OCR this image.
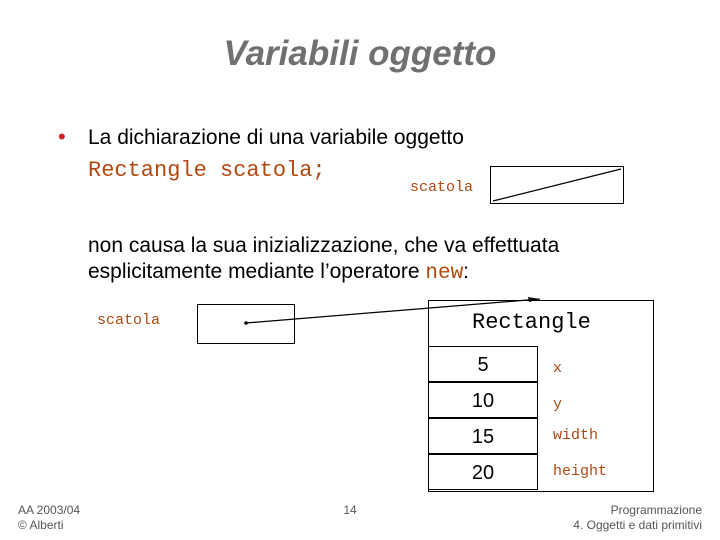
Variabili oggetto
• La dichiarazione di una variabile oggetto
Rectangle scatola;
scatola
non causa la sua inizializzazione, che va effettuata
esplicitamente mediante l’operatore new:
scatola	Rectangle
5	x
10	y
15	width
20	height
AA 2003/04
© Alberti
14	Programmazione
4. Oggetti e dati primitivi
